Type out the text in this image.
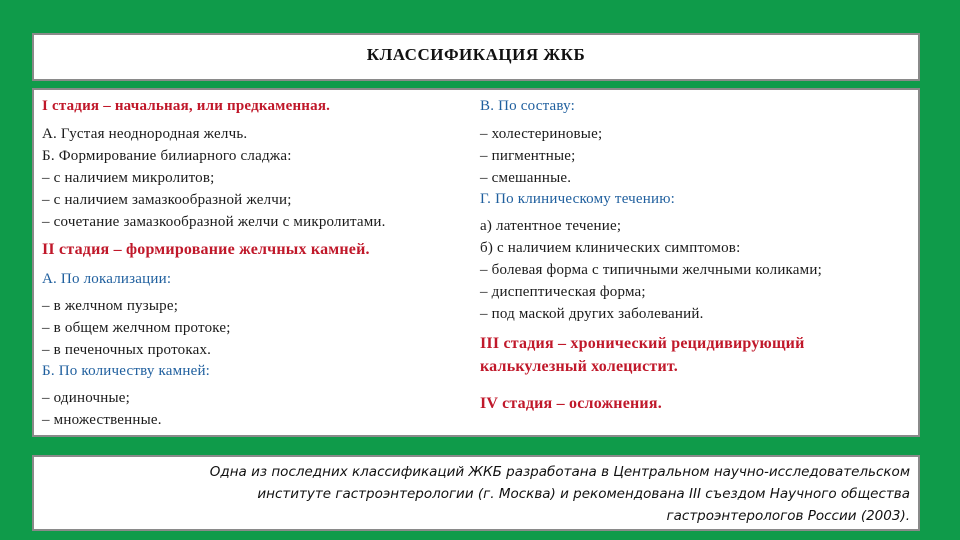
КЛАССИФИКАЦИЯ ЖКБ
I стадия – начальная, или предкаменная.
А. Густая неоднородная желчь.
Б. Формирование билиарного сладжа:
– с наличием микролитов;
– с наличием замазкообразной желчи;
– сочетание замазкообразной желчи с микролитами.
II стадия – формирование желчных камней.
А. По локализации:
– в желчном пузыре;
– в общем желчном протоке;
– в печеночных протоках.
Б. По количеству камней:
– одиночные;
– множественные.
В. По составу:
– холестериновые;
– пигментные;
– смешанные.
Г. По клиническому течению:
а) латентное течение;
б) с наличием клинических симптомов:
– болевая форма с типичными желчными коликами;
– диспептическая форма;
– под маской других заболеваний.
III стадия – хронический рецидивирующий
калькулезный холецистит.
IV стадия – осложнения.
Одна из последних классификаций ЖКБ разработана в Центральном научно-исследовательском
институте гастроэнтерологии (г. Москва) и рекомендована III съездом Научного общества
гастроэнтерологов России (2003).
